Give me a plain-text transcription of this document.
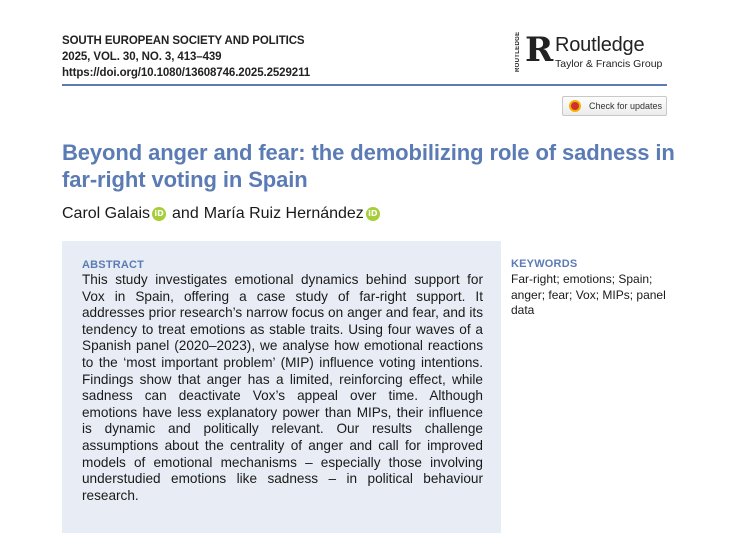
SOUTH EUROPEAN SOCIETY AND POLITICS
2025, VOL. 30, NO. 3, 413–439
https://doi.org/10.1080/13608746.2025.2529211
ROUTLEDGE R Routledge
Taylor & Francis Group
Check for updates
Beyond anger and fear: the demobilizing role of sadness in far-right voting in Spain
Carol Galais iD and María Ruiz Hernández iD
ABSTRACT

This study investigates emotional dynamics behind support for Vox in Spain, offering a case study of far-right support. It addresses prior research’s narrow focus on anger and fear, and its tendency to treat emotions as stable traits. Using four waves of a Spanish panel (2020–2023), we analyse how emotional reactions to the ‘most important problem’ (MIP) influence voting intentions. Findings show that anger has a limited, reinforcing effect, while sadness can deactivate Vox’s appeal over time. Although emotions have less explanatory power than MIPs, their influence is dynamic and politically relevant. Our results challenge assumptions about the centrality of anger and call for improved models of emotional mechanisms – especially those involving understudied emotions like sadness – in political behaviour research.

KEYWORDS
Far-right; emotions; Spain; anger; fear; Vox; MIPs; panel data
